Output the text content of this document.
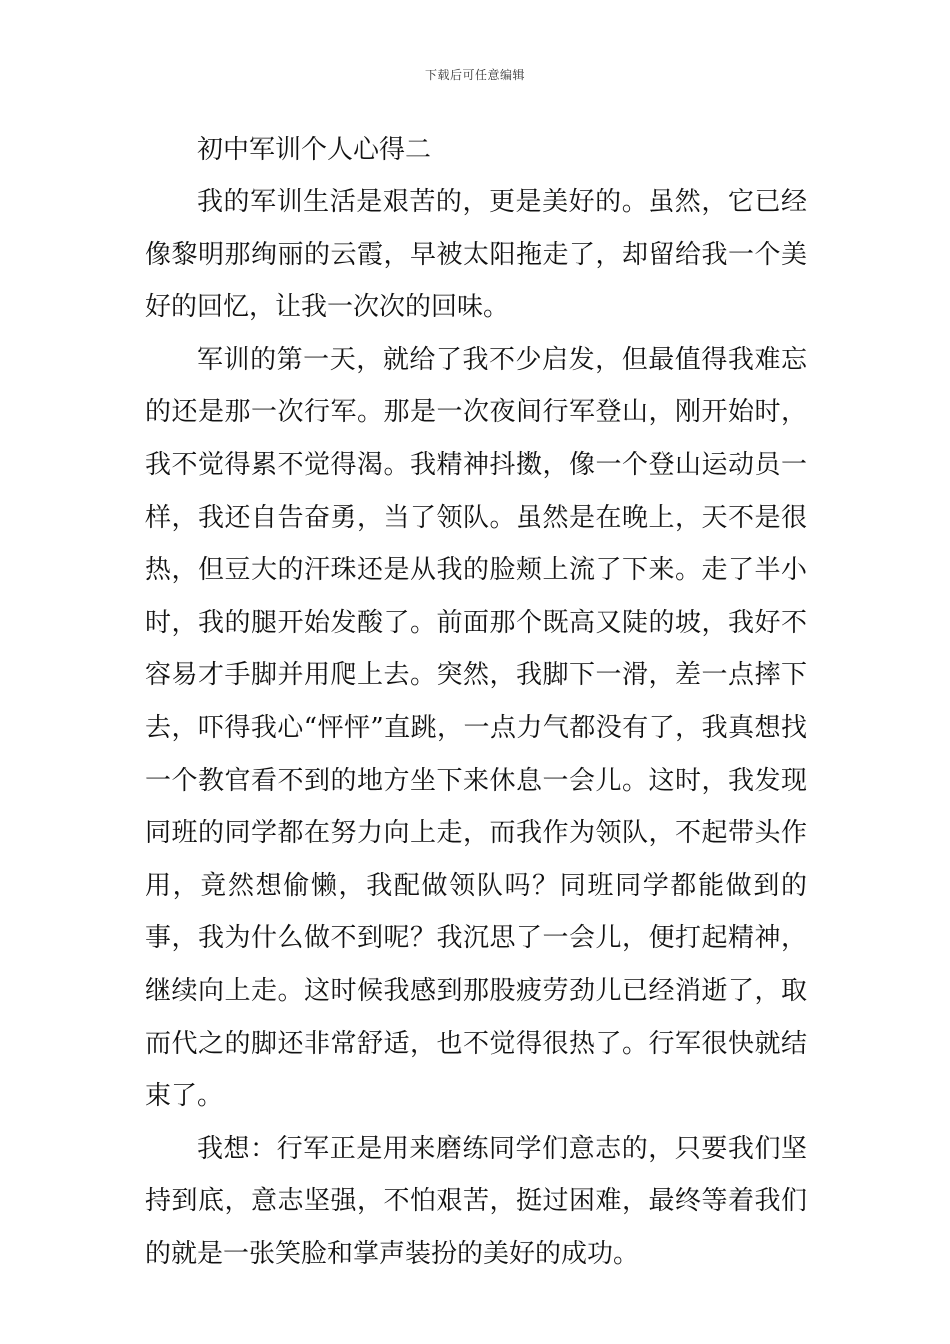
下载后可任意编辑
初中军训个人心得二

我的军训生活是艰苦的，更是美好的。虽然，它已经像黎明那绚丽的云霞，早被太阳拖走了，却留给我一个美好的回忆，让我一次次的回味。

军训的第一天，就给了我不少启发，但最值得我难忘的还是那一次行军。那是一次夜间行军登山，刚开始时，我不觉得累不觉得渴。我精神抖擞，像一个登山运动员一样，我还自告奋勇，当了领队。虽然是在晚上，天不是很热，但豆大的汗珠还是从我的脸颊上流了下来。走了半小时，我的腿开始发酸了。前面那个既高又陡的坡，我好不容易才手脚并用爬上去。突然，我脚下一滑，差一点摔下去，吓得我心“怦怦”直跳，一点力气都没有了，我真想找一个教官看不到的地方坐下来休息一会儿。这时，我发现同班的同学都在努力向上走，而我作为领队，不起带头作用，竟然想偷懒，我配做领队吗？同班同学都能做到的事，我为什么做不到呢？我沉思了一会儿，便打起精神，继续向上走。这时候我感到那股疲劳劲儿已经消逝了，取而代之的脚还非常舒适，也不觉得很热了。行军很快就结束了。

我想：行军正是用来磨练同学们意志的，只要我们坚持到底，意志坚强，不怕艰苦，挺过困难，最终等着我们的就是一张笑脸和掌声装扮的美好的成功。
